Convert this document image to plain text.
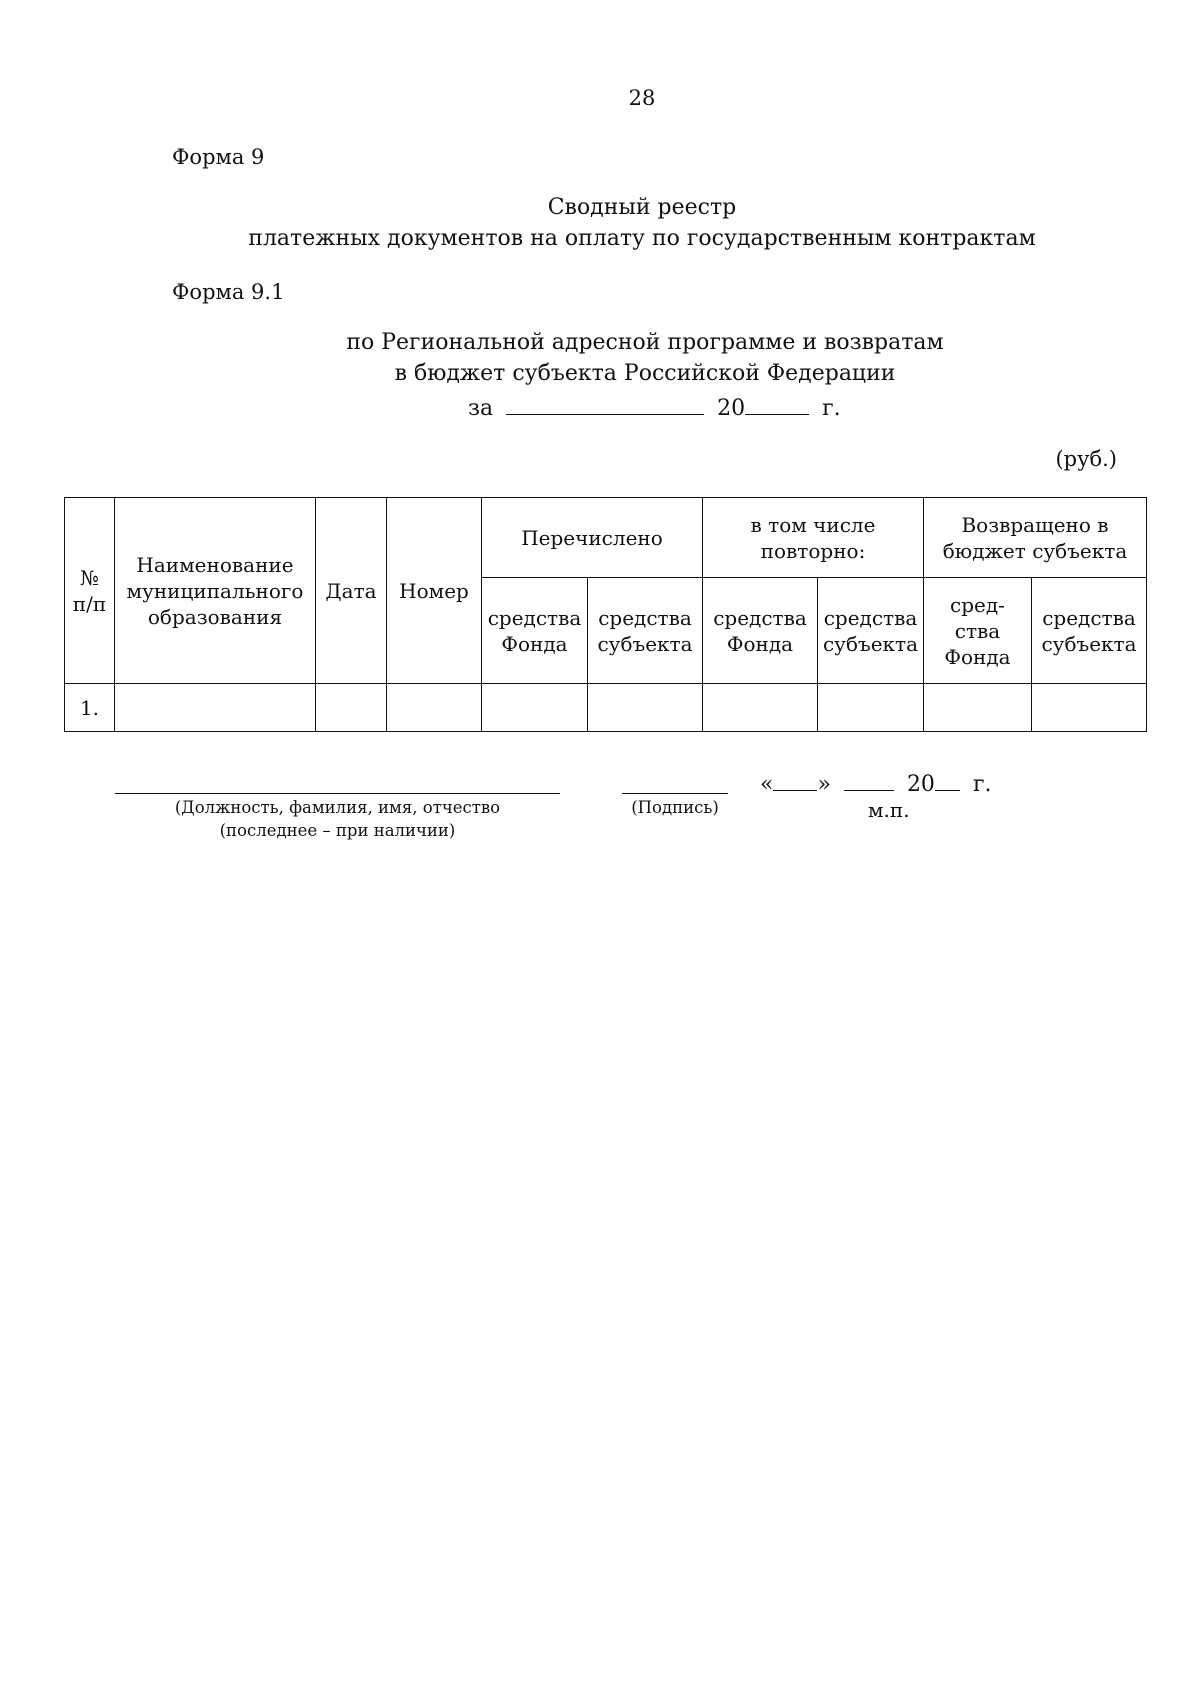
28
Форма 9
Сводный реестр
платежных документов на оплату по государственным контрактам
Форма 9.1
по Региональной адресной программе и возвратам
в бюджет субъекта Российской Федерации
за	20	г.
(руб.)
№ п/п	Наименование муниципального образования	Дата	Номер	Перечислено		в том числе повторно:		Возвращено в бюджет субъекта	
				средства Фонда	средства субъекта	средства Фонда	средства субъекта	сред-ства Фонда	средства субъекта
1.									
(Должность, фамилия, имя, отчество
(последнее – при наличии)
(Подпись)
« »	20 г.
м.п.
